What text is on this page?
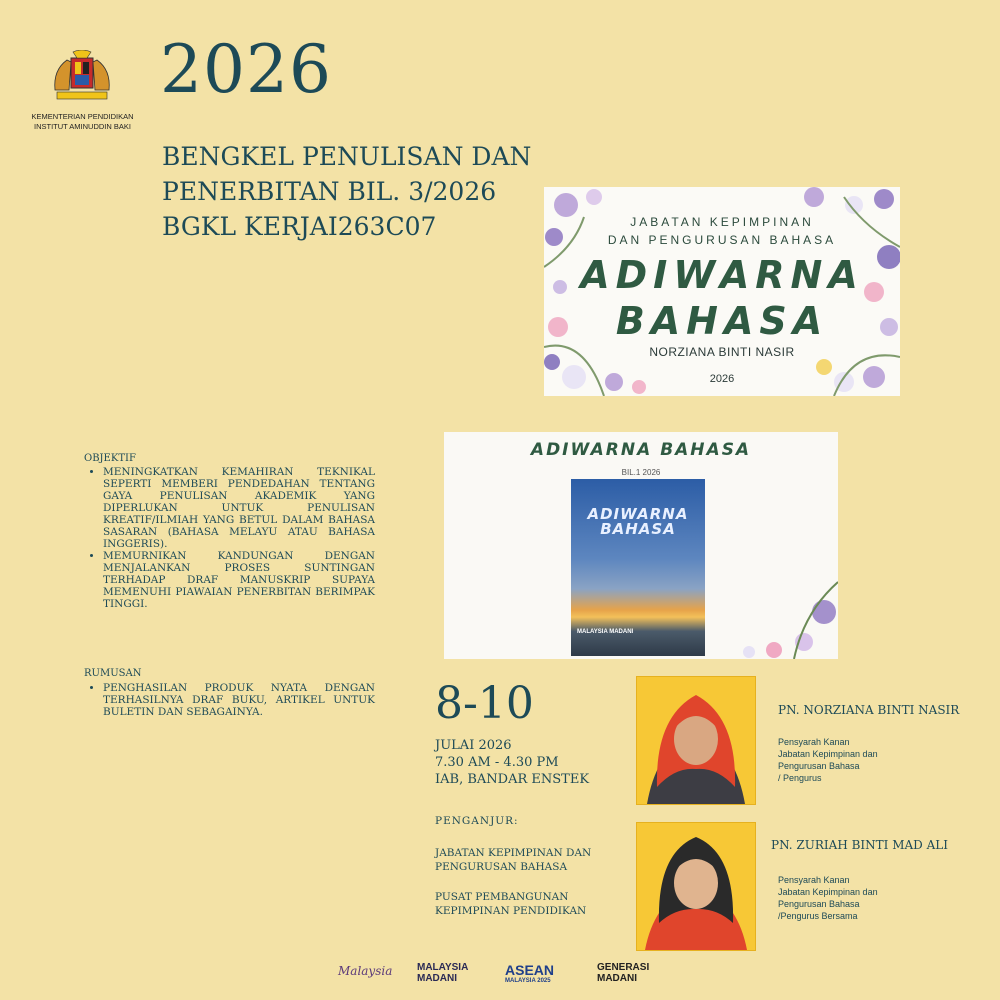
KEMENTERIAN PENDIDIKAN
INSTITUT AMINUDDIN BAKI
2026
BENGKEL PENULISAN DAN
PENERBITAN BIL. 3/2026
BGKL KERJAI263C07	JABATAN KEPIMPINAN
DAN PENGURUSAN BAHASA
ADIWARNA
BAHASA
NORZIANA BINTI NASIR
2026
ADIWARNA BAHASA
BIL.1 2026
ADIWARNA
BAHASA
MALAYSIA MADANI
OBJEKTIF
• MENINGKATKAN KEMAHIRAN TEKNIKAL SEPERTI MEMBERI PENDEDAHAN TENTANG GAYA PENULISAN AKADEMIK YANG DIPERLUKAN UNTUK PENULISAN KREATIF/ILMIAH YANG BETUL DALAM BAHASA SASARAN (BAHASA MELAYU ATAU BAHASA INGGERIS).
• MEMURNIKAN KANDUNGAN DENGAN MENJALANKAN PROSES SUNTINGAN TERHADAP DRAF MANUSKRIP SUPAYA MEMENUHI PIAWAIAN PENERBITAN BERIMPAK TINGGI.
RUMUSAN
• PENGHASILAN PRODUK NYATA DENGAN TERHASILNYA DRAF BUKU, ARTIKEL UNTUK BULETIN DAN SEBAGAINYA.	8-10
JULAI 2026
7.30 AM - 4.30 PM
IAB, BANDAR ENSTEK
PENGANJUR:
JABATAN KEPIMPINAN DAN
PENGURUSAN BAHASA
PUSAT PEMBANGUNAN
KEPIMPINAN PENDIDIKAN
PN. NORZIANA BINTI NASIR
Pensyarah Kanan
Jabatan Kepimpinan dan
Pengurusan Bahasa
/ Pengurus
PN. ZURIAH BINTI MAD ALI
Pensyarah Kanan
Jabatan Kepimpinan dan
Pengurusan Bahasa
/Pengurus Bersama
Malaysia MALAYSIA
MADANI
ASEAN
MALAYSIA 2025
GENERASI
MADANI
